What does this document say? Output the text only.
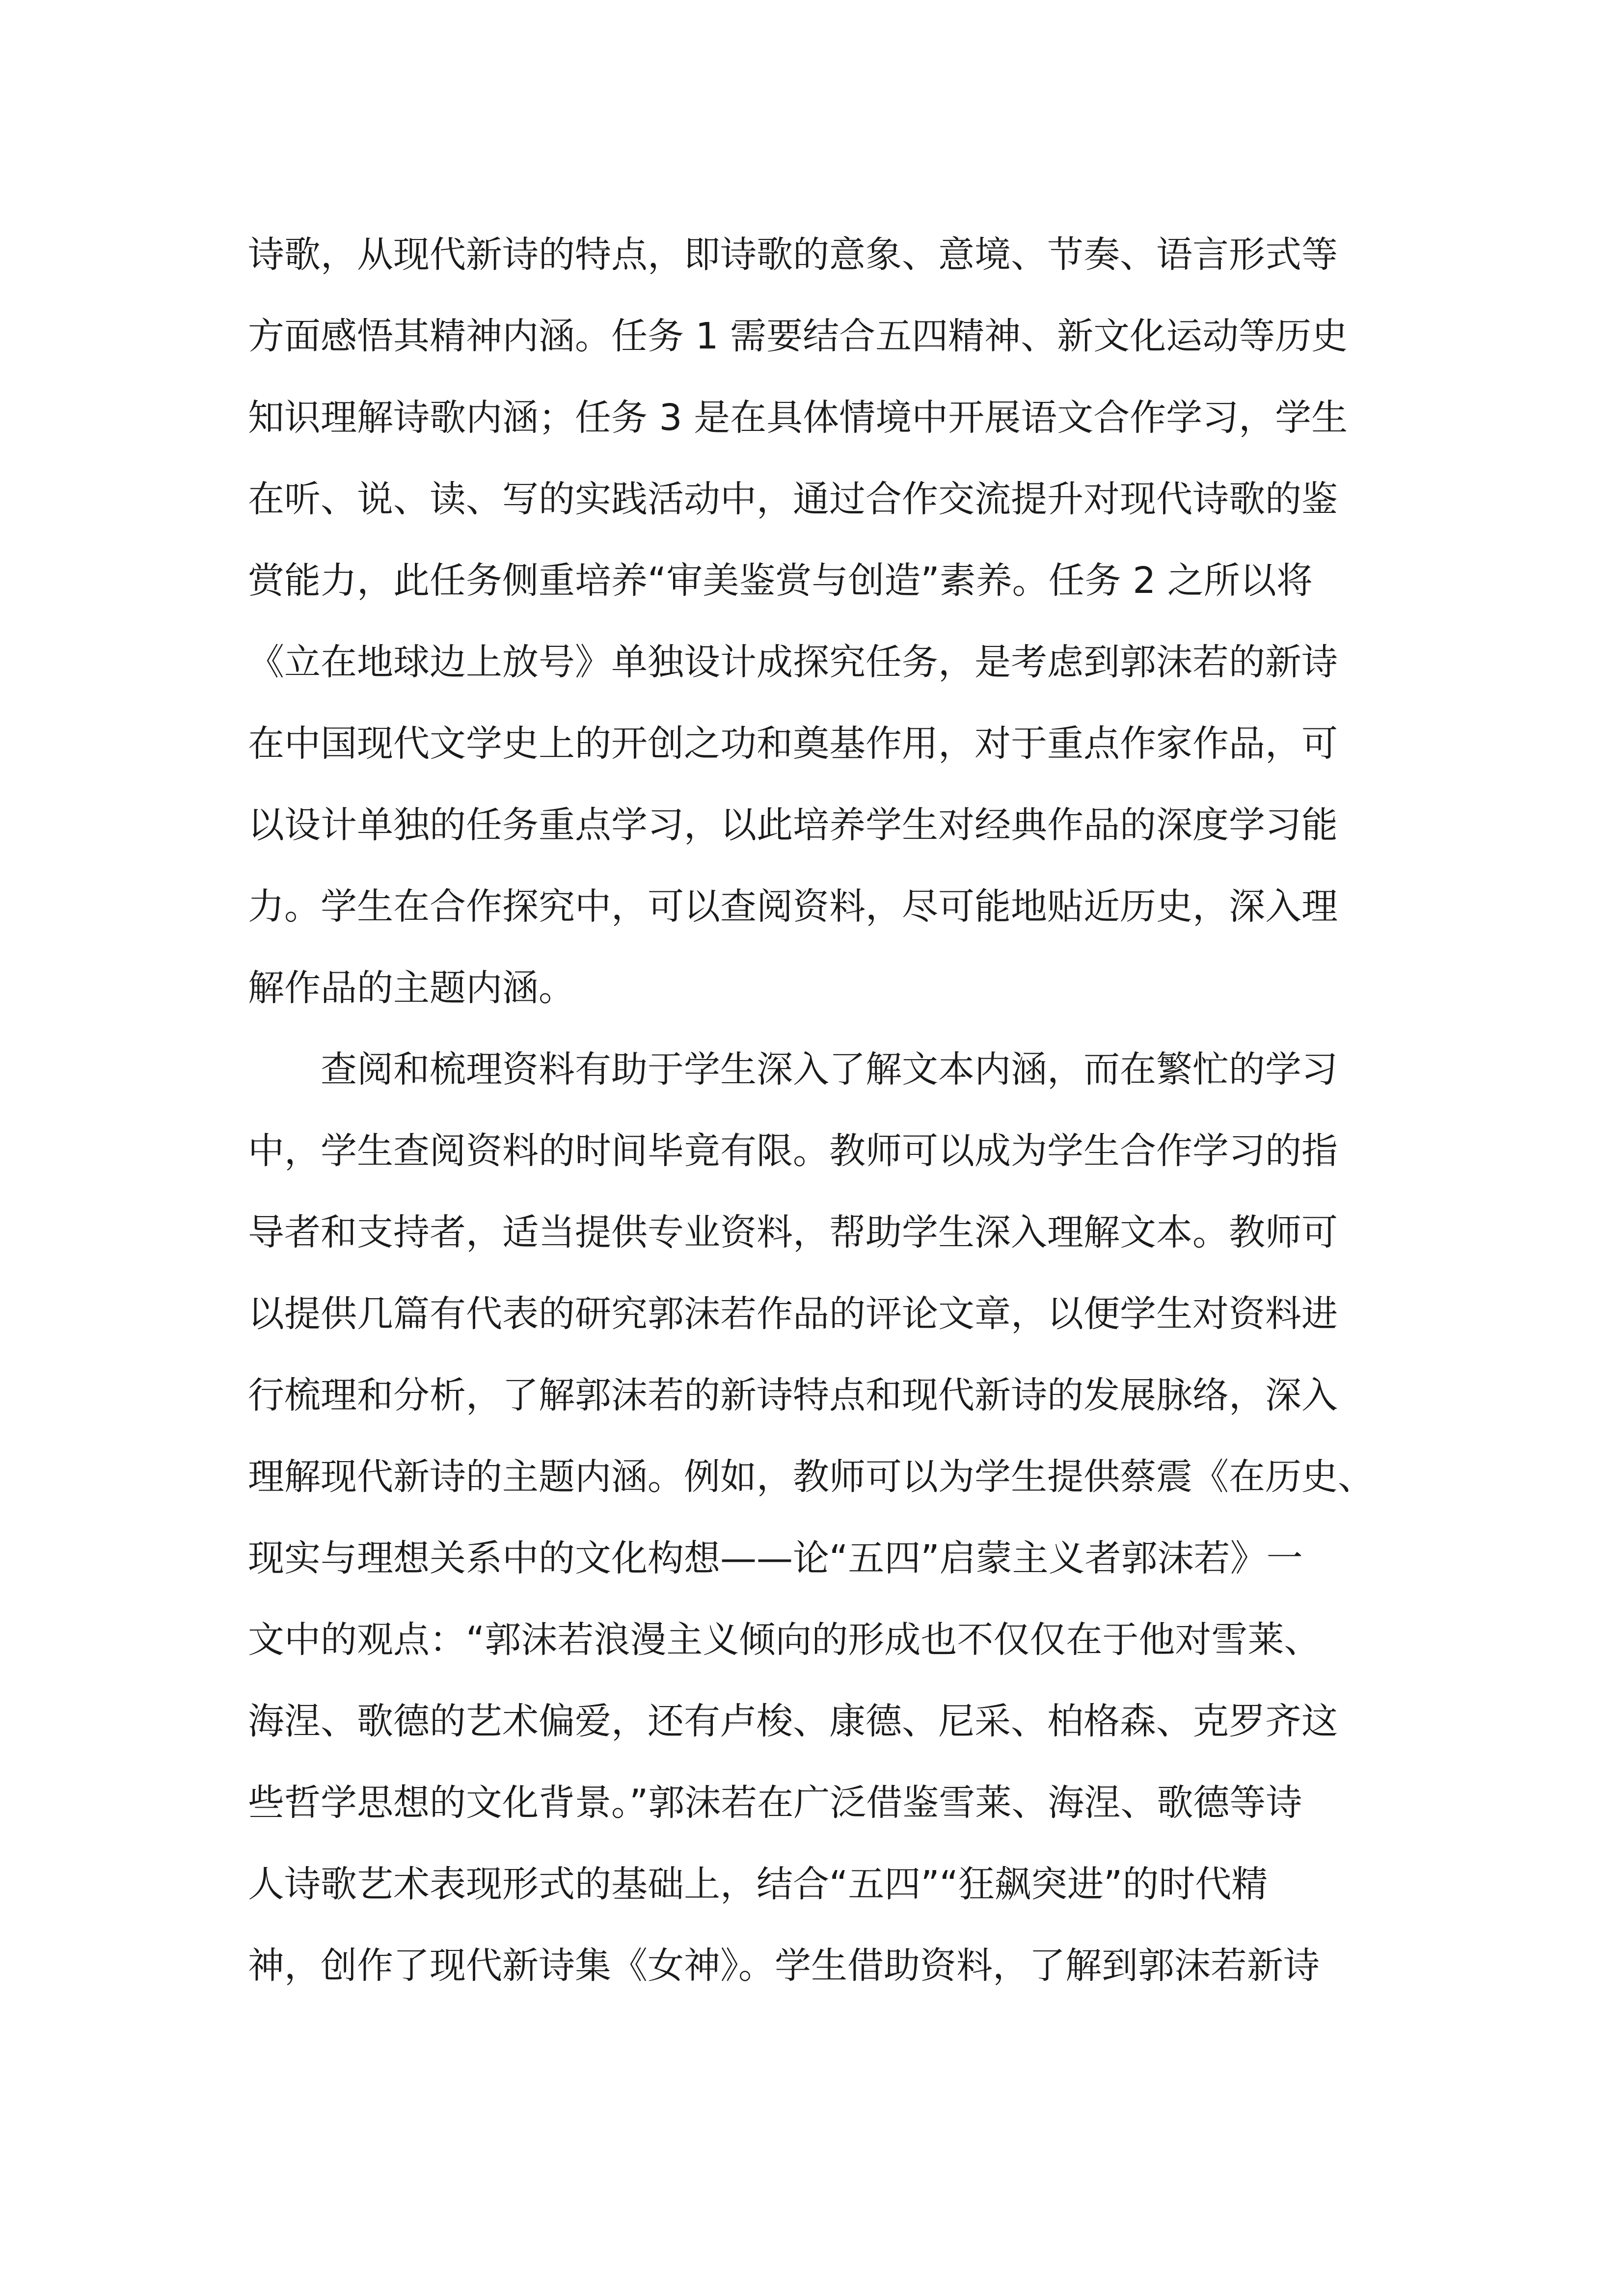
诗歌，从现代新诗的特点，即诗歌的意象、意境、节奏、语言形式等
方面感悟其精神内涵。任务 1 需要结合五四精神、新文化运动等历史
知识理解诗歌内涵；任务 3 是在具体情境中开展语文合作学习，学生
在听、说、读、写的实践活动中，通过合作交流提升对现代诗歌的鉴
赏能力，此任务侧重培养“审美鉴赏与创造”素养。任务 2 之所以将
《立在地球边上放号》单独设计成探究任务，是考虑到郭沫若的新诗
在中国现代文学史上的开创之功和奠基作用，对于重点作家作品，可
以设计单独的任务重点学习，以此培养学生对经典作品的深度学习能
力。学生在合作探究中，可以查阅资料，尽可能地贴近历史，深入理
解作品的主题内涵。
查阅和梳理资料有助于学生深入了解文本内涵，而在繁忙的学习
中，学生查阅资料的时间毕竟有限。教师可以成为学生合作学习的指
导者和支持者，适当提供专业资料，帮助学生深入理解文本。教师可
以提供几篇有代表的研究郭沫若作品的评论文章，以便学生对资料进
行梳理和分析，了解郭沫若的新诗特点和现代新诗的发展脉络，深入
理解现代新诗的主题内涵。例如，教师可以为学生提供蔡震《在历史、
现实与理想关系中的文化构想——论“五四”启蒙主义者郭沫若》一
文中的观点：“郭沫若浪漫主义倾向的形成也不仅仅在于他对雪莱、
海涅、歌德的艺术偏爱，还有卢梭、康德、尼采、柏格森、克罗齐这
些哲学思想的文化背景。”郭沫若在广泛借鉴雪莱、海涅、歌德等诗
人诗歌艺术表现形式的基础上，结合“五四”“狂飙突进”的时代精
神，创作了现代新诗集《女神》。学生借助资料，了解到郭沫若新诗
